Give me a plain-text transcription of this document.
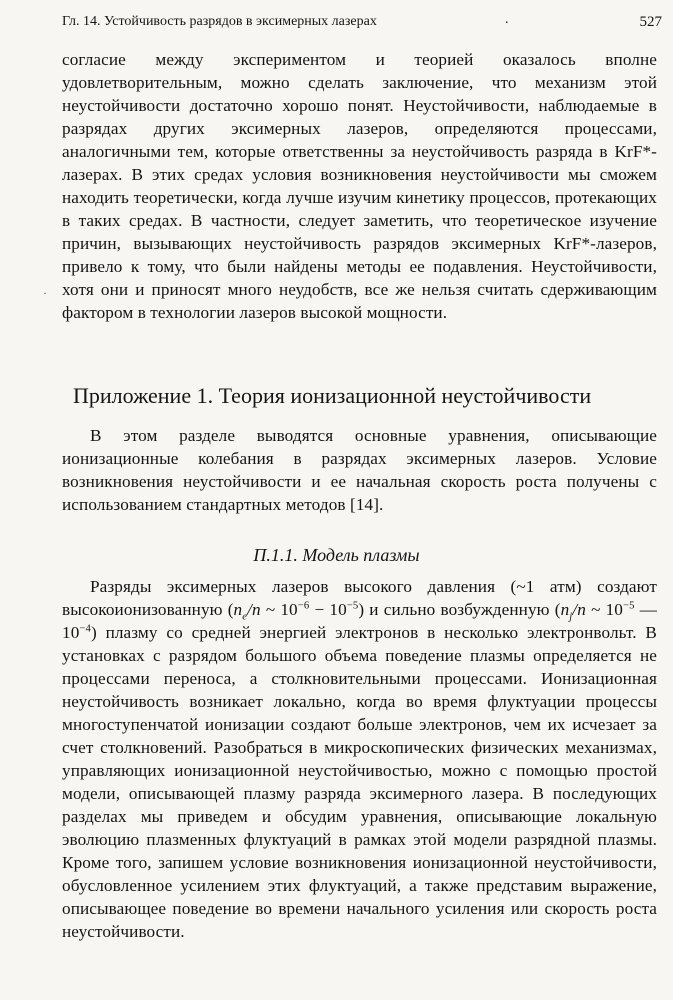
Гл. 14. Устойчивость разрядов в эксимерных лазерах	.	527

согласие между экспериментом и теорией оказалось вполне удовлетворительным, можно сделать заключение, что механизм этой неустойчивости достаточно хорошо понят. Неустойчивости, наблюдаемые в разрядах других эксимерных лазеров, определяются процессами, аналогичными тем, которые ответственны за неустойчивость разряда в KrF*-лазерах. В этих средах условия возникновения неустойчивости мы сможем находить теоретически, когда лучше изучим кинетику процессов, протекающих в таких средах. В частности, следует заметить, что теоретическое изучение причин, вызывающих неустойчивость разрядов эксимерных KrF*-лазеров, привело к тому, что были найдены методы ее подавления. Неустойчивости, хотя они и приносят много неудобств, все же нельзя считать сдерживающим фактором в технологии лазеров высокой мощности.

·
Приложение 1. Теория ионизационной неустойчивости

В этом разделе выводятся основные уравнения, описывающие ионизационные колебания в разрядах эксимерных лазеров. Условие возникновения неустойчивости и ее начальная скорость роста получены с использованием стандартных методов [14].

П.1.1. Модель плазмы

Разряды эксимерных лазеров высокого давления (~1 атм) создают высокоионизованную ($n_e/n$ ~ $10^{-6} - 10^{-5}$) и сильно возбужденную ($n_j/n$ ~ $10^{-5}$ — $10^{-4}$) плазму со средней энергией электронов в несколько электронвольт. В установках с разрядом большого объема поведение плазмы определяется не процессами переноса, а столкновительными процессами. Ионизационная неустойчивость возникает локально, когда во время флуктуации процессы многоступенчатой ионизации создают больше электронов, чем их исчезает за счет столкновений. Разобраться в микроскопических физических механизмах, управляющих ионизационной неустойчивостью, можно с помощью простой модели, описывающей плазму разряда эксимерного лазера. В последующих разделах мы приведем и обсудим уравнения, описывающие локальную эволюцию плазменных флуктуаций в рамках этой модели разрядной плазмы. Кроме того, запишем условие возникновения ионизационной неустойчивости, обусловленное усилением этих флуктуаций, а также представим выражение, описывающее поведение во времени начального усиления или скорость роста неустойчивости.
